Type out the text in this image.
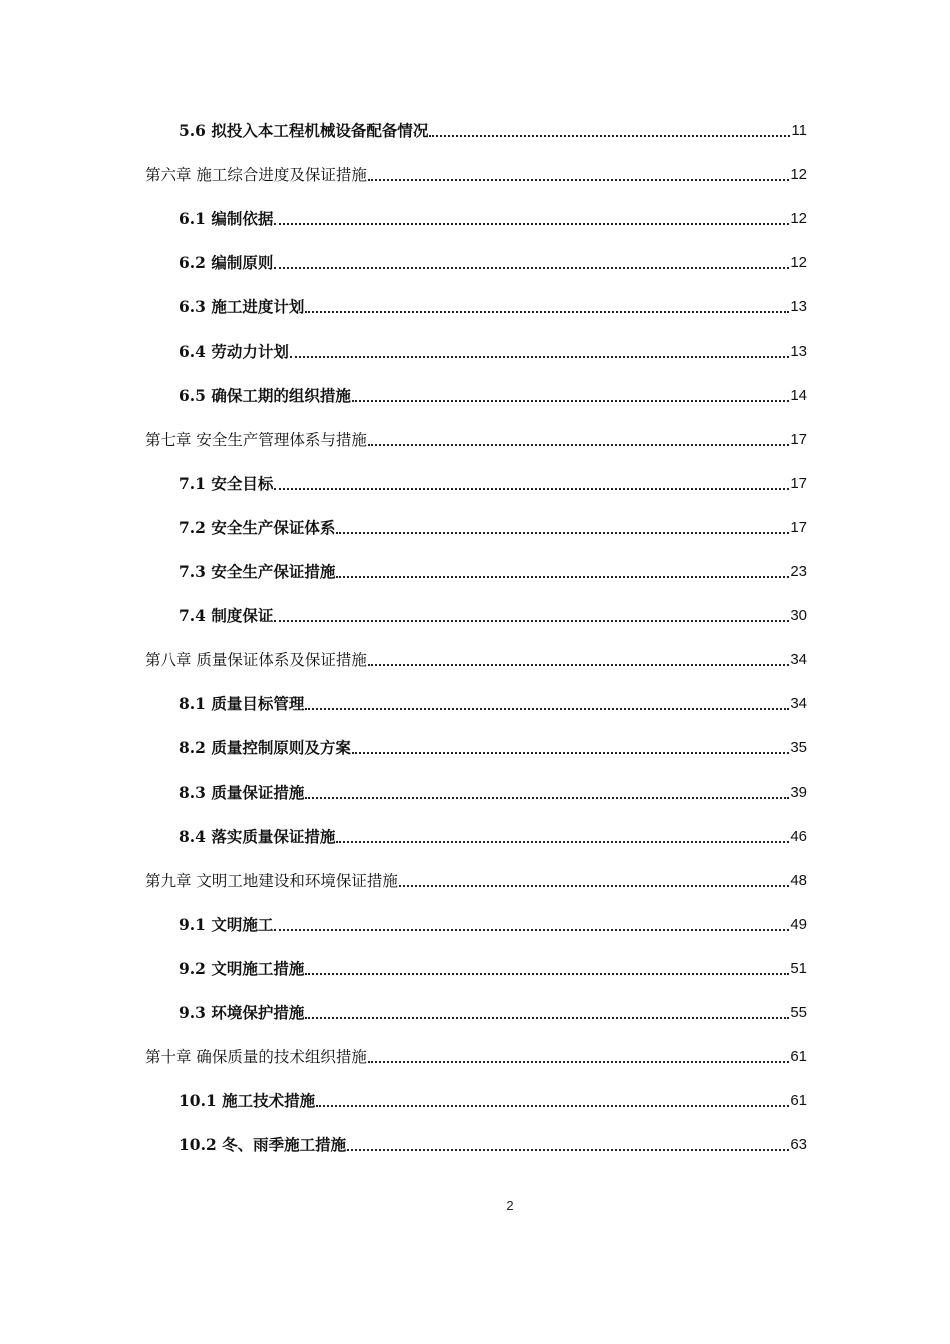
5.6 拟投入本工程机械设备配备情况	11
第六章 施工综合进度及保证措施	12
6.1 编制依据	12
6.2 编制原则	12
6.3 施工进度计划	13
6.4 劳动力计划	13
6.5 确保工期的组织措施	14
第七章 安全生产管理体系与措施	17
7.1 安全目标	17
7.2 安全生产保证体系	17
7.3 安全生产保证措施	23
7.4 制度保证	30
第八章 质量保证体系及保证措施	34
8.1 质量目标管理	34
8.2 质量控制原则及方案	35
8.3 质量保证措施	39
8.4 落实质量保证措施	46
第九章 文明工地建设和环境保证措施	48
9.1 文明施工	49
9.2 文明施工措施	51
9.3 环境保护措施	55
第十章 确保质量的技术组织措施	61
10.1 施工技术措施	61
10.2 冬、雨季施工措施	63
2
